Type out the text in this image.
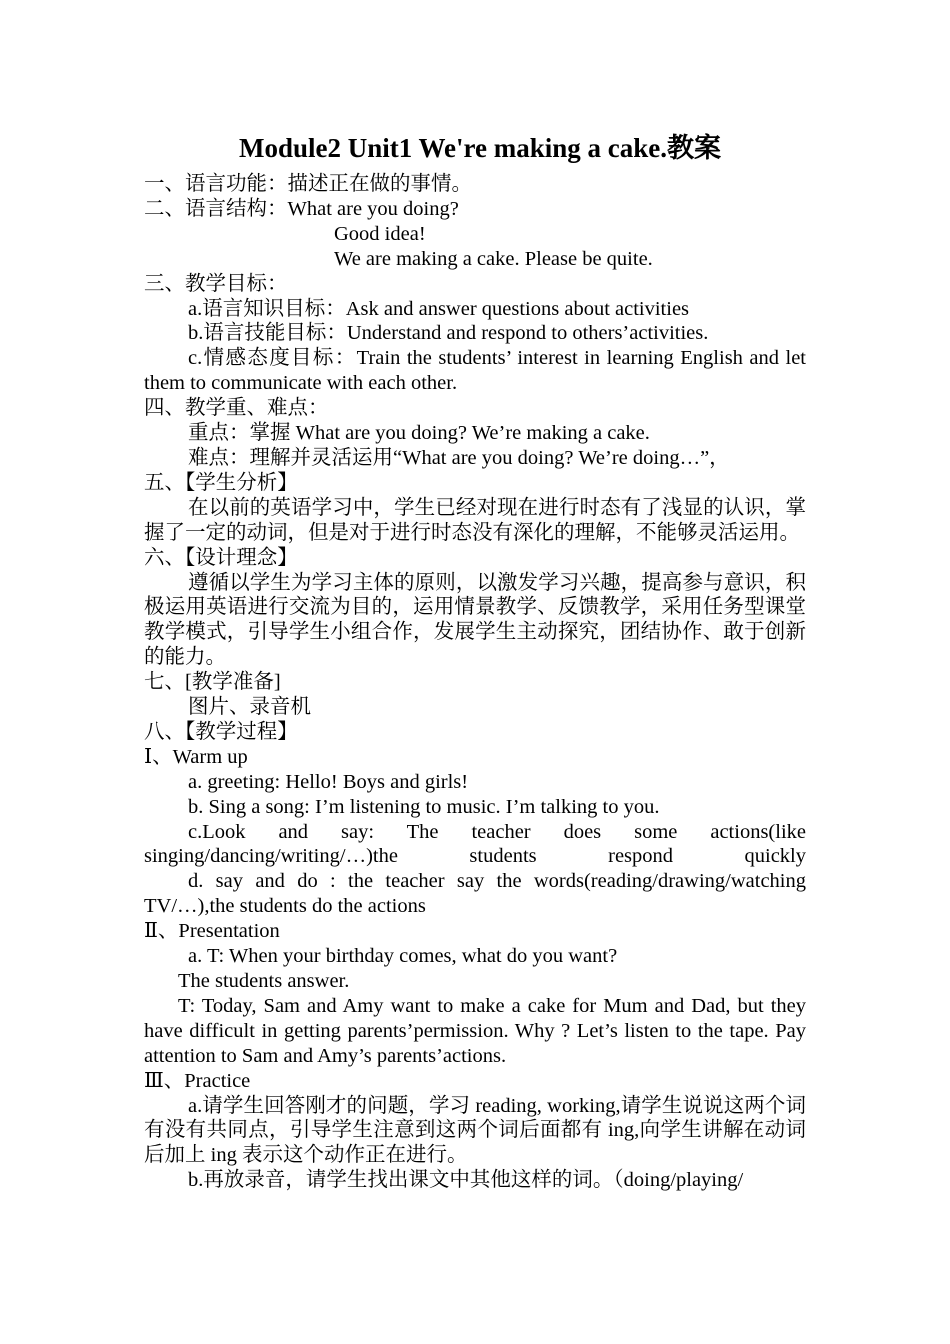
Module2 Unit1 We're making a cake.教案
一、语言功能：描述正在做的事情。
二、语言结构：What are you doing?
Good idea!
We are making a cake. Please be quite.
三、教学目标：
a.语言知识目标：Ask and answer questions about activities
b.语言技能目标：Understand and respond to others’activities.
c.情感态度目标：Train the students’ interest in learning English and let them to communicate with each other.
四、教学重、难点：
重点：掌握 What are you doing? We’re making a cake.
难点：理解并灵活运用“What are you doing? We’re doing…”，
五、【学生分析】
在以前的英语学习中，学生已经对现在进行时态有了浅显的认识，掌握了一定的动词，但是对于进行时态没有深化的理解，不能够灵活运用。
六、【设计理念】
遵循以学生为学习主体的原则，以激发学习兴趣，提高参与意识，积极运用英语进行交流为目的，运用情景教学、反馈教学，采用任务型课堂教学模式，引导学生小组合作，发展学生主动探究，团结协作、敢于创新的能力。
七、[教学准备]
图片、录音机
八、【教学过程】
Ⅰ、Warm up
a. greeting: Hello! Boys and girls!
b. Sing a song: I’m listening to music. I’m talking to you.
c.Look and say: The teacher does some actions(like singing/dancing/writing/…)the students respond quickly
d. say and do : the teacher say the words(reading/drawing/watching TV/…),the students do the actions
Ⅱ、Presentation
a. T: When your birthday comes, what do you want?
The students answer.
T: Today, Sam and Amy want to make a cake for Mum and Dad, but they have difficult in getting parents’permission. Why ? Let’s listen to the tape. Pay attention to Sam and Amy’s parents’actions.
Ⅲ、Practice
a.请学生回答刚才的问题，学习 reading, working,请学生说说这两个词有没有共同点，引导学生注意到这两个词后面都有 ing,向学生讲解在动词后加上 ing 表示这个动作正在进行。
b.再放录音，请学生找出课文中其他这样的词。（doing/playing/
